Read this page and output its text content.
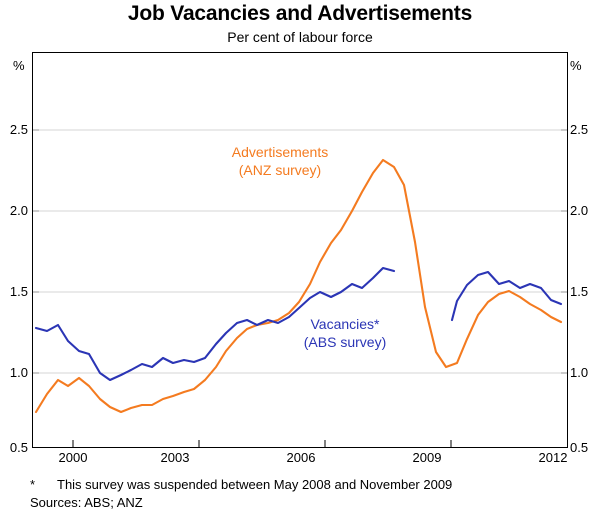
Job Vacancies and Advertisements
Per cent of labour force
%	%
2.5
2.0
1.5
1.0
0.5
2.5
2.0
1.5
1.0
0.5
2000	2003	2006	2009	2012
Advertisements
(ANZ survey)
Vacancies*
(ABS survey)
* This survey was suspended between May 2008 and November 2009
Sources: ABS; ANZ
